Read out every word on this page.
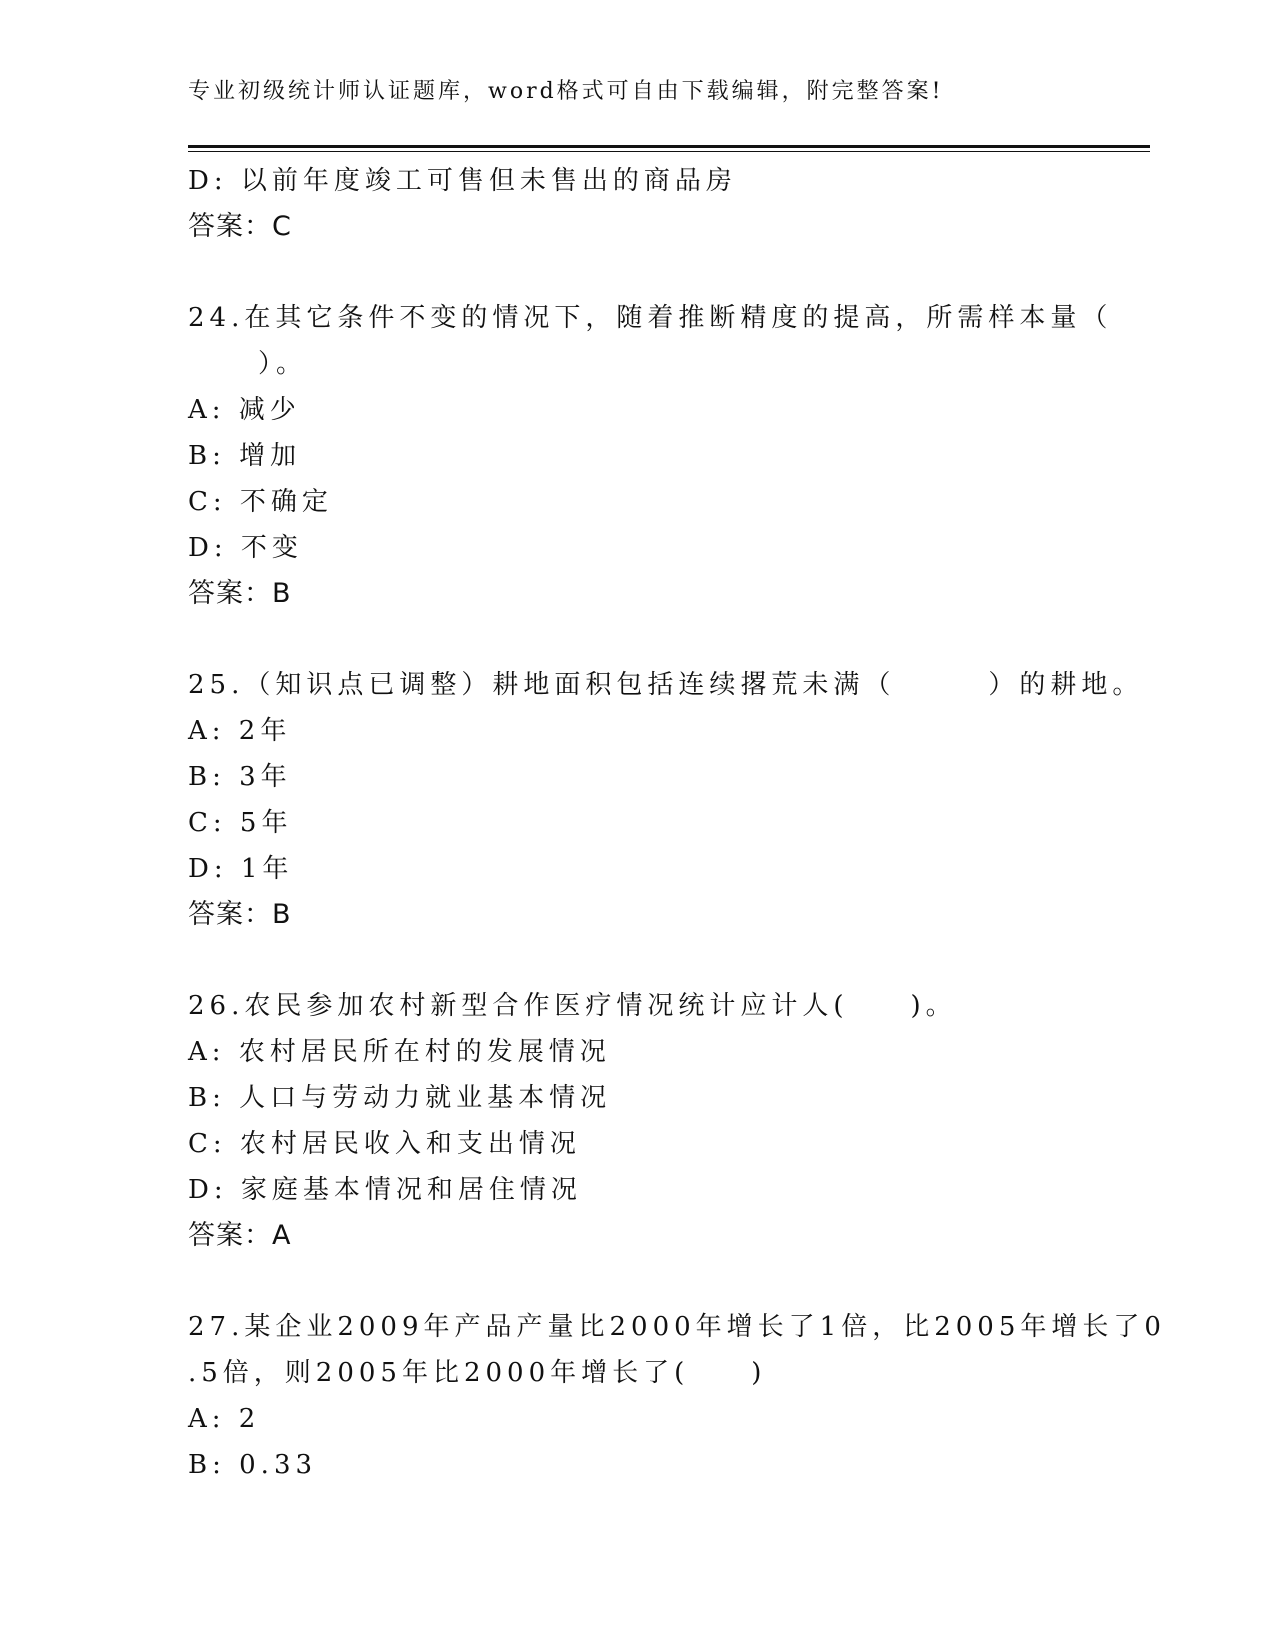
专业初级统计师认证题库，word格式可自由下载编辑，附完整答案!
D: 以前年度竣工可售但未售出的商品房
答案：C
24.在其它条件不变的情况下，随着推断精度的提高，所需样本量（
）。
A: 减少
B: 增加
C: 不确定
D: 不变
答案：B
25.（知识点已调整）耕地面积包括连续撂荒未满（　　　）的耕地。
A: 2年
B: 3年
C: 5年
D: 1年
答案：B
26.农民参加农村新型合作医疗情况统计应计人(　　)。
A: 农村居民所在村的发展情况
B: 人口与劳动力就业基本情况
C: 农村居民收入和支出情况
D: 家庭基本情况和居住情况
答案：A
27.某企业2009年产品产量比2000年增长了1倍，比2005年增长了0
.5倍，则2005年比2000年增长了(　　)
A: 2
B: 0.33
